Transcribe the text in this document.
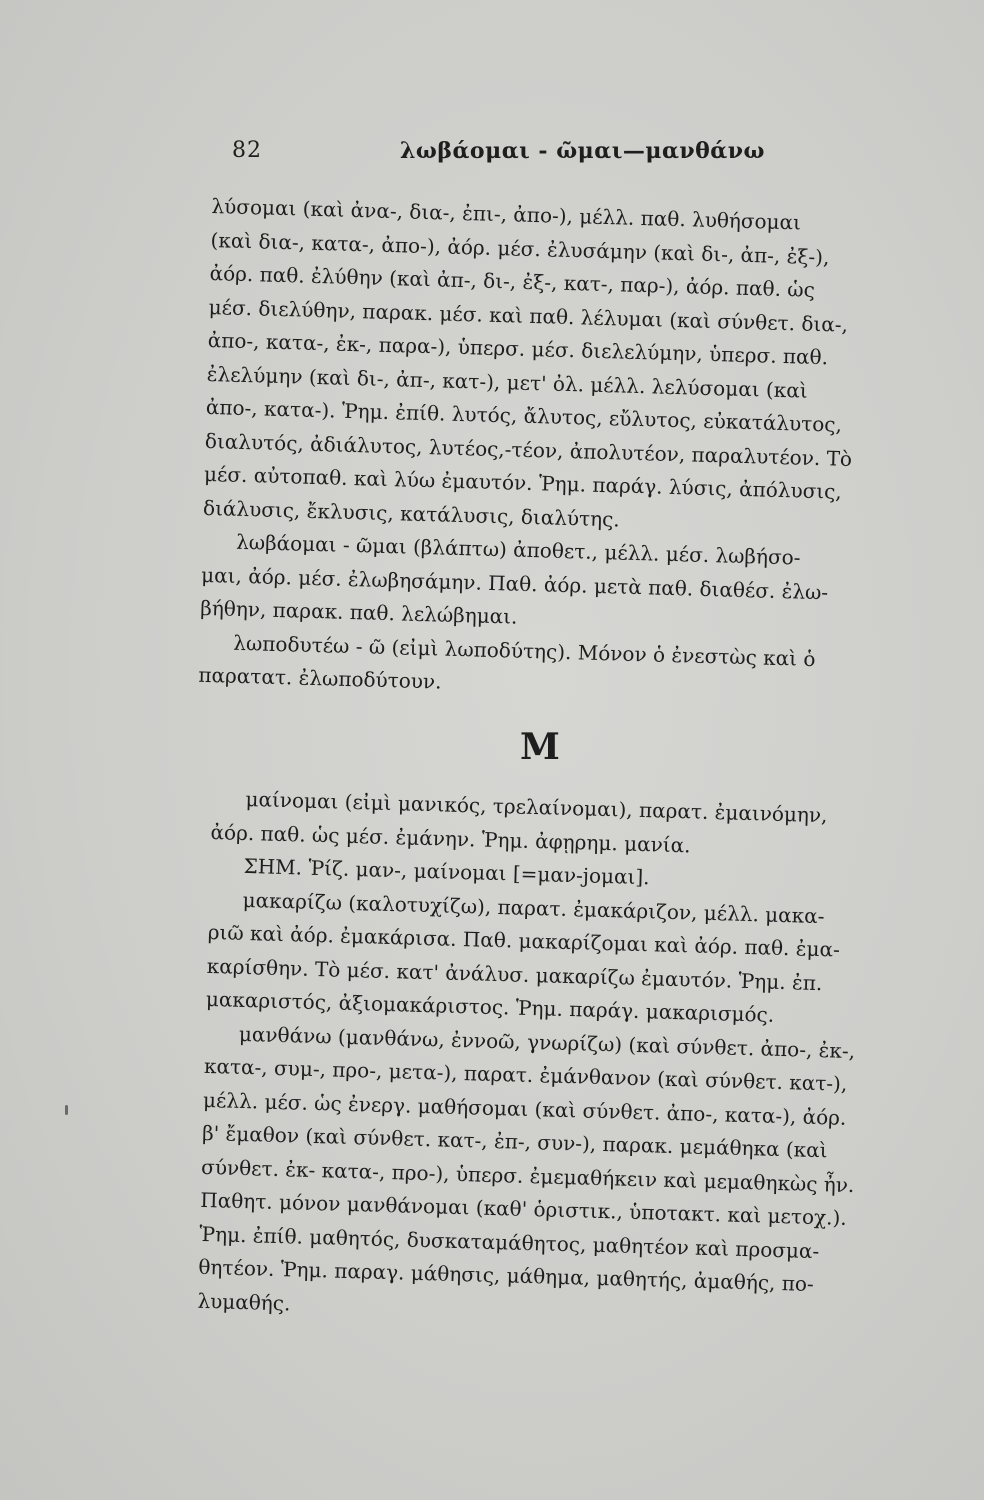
82	λωβάομαι - ῶμαι—μανθάνω
λύσομαι (καὶ ἀνα-, δια-, ἐπι-, ἀπο-), μέλλ. παθ. λυθήσομαι
(καὶ δια-, κατα-, ἀπο-), ἀόρ. μέσ. ἐλυσάμην (καὶ δι-, ἀπ-, ἐξ-),
ἀόρ. παθ. ἐλύθην (καὶ ἀπ-, δι-, ἐξ-, κατ-, παρ-), ἀόρ. παθ. ὡς
μέσ. διελύθην, παρακ. μέσ. καὶ παθ. λέλυμαι (καὶ σύνθετ. δια-,
ἀπο-, κατα-, ἐκ-, παρα-), ὑπερσ. μέσ. διελελύμην, ὑπερσ. παθ.
ἐλελύμην (καὶ δι-, ἀπ-, κατ-), μετ' ὀλ. μέλλ. λελύσομαι (καὶ
ἀπο-, κατα-). Ῥημ. ἐπίθ. λυτός, ἄλυτος, εὔλυτος, εὐκατάλυτος,
διαλυτός, ἀδιάλυτος, λυτέος,-τέον, ἀπολυτέον, παραλυτέον. Τὸ
μέσ. αὐτοπαθ. καὶ λύω ἐμαυτόν. Ῥημ. παράγ. λύσις, ἀπόλυσις,
διάλυσις, ἔκλυσις, κατάλυσις, διαλύτης.
λωβάομαι - ῶμαι (βλάπτω) ἀποθετ., μέλλ. μέσ. λωβήσο-
μαι, ἀόρ. μέσ. ἐλωβησάμην. Παθ. ἀόρ. μετὰ παθ. διαθέσ. ἐλω-
βήθην, παρακ. παθ. λελώβημαι.
λωποδυτέω - ῶ (εἰμὶ λωποδύτης). Μόνον ὁ ἐνεστὼς καὶ ὁ
παρατατ. ἐλωποδύτουν.
Μ
μαίνομαι (εἰμὶ μανικός, τρελαίνομαι), παρατ. ἐμαινόμην,
ἀόρ. παθ. ὡς μέσ. ἐμάνην. Ῥημ. ἀφῃρημ. μανία.
ΣΗΜ. Ῥίζ. μαν-, μαίνομαι [=μαν-jομαι].
μακαρίζω (καλοτυχίζω), παρατ. ἐμακάριζον, μέλλ. μακα-
ριῶ καὶ ἀόρ. ἐμακάρισα. Παθ. μακαρίζομαι καὶ ἀόρ. παθ. ἐμα-
καρίσθην. Τὸ μέσ. κατ' ἀνάλυσ. μακαρίζω ἐμαυτόν. Ῥημ. ἐπ.
μακαριστός, ἀξιομακάριστος. Ῥημ. παράγ. μακαρισμός.
μανθάνω (μανθάνω, ἐννοῶ, γνωρίζω) (καὶ σύνθετ. ἀπο-, ἐκ-,
κατα-, συμ-, προ-, μετα-), παρατ. ἐμάνθανον (καὶ σύνθετ. κατ-),
μέλλ. μέσ. ὡς ἐνεργ. μαθήσομαι (καὶ σύνθετ. ἀπο-, κατα-), ἀόρ.
β' ἔμαθον (καὶ σύνθετ. κατ-, ἐπ-, συν-), παρακ. μεμάθηκα (καὶ
σύνθετ. ἐκ- κατα-, προ-), ὑπερσ. ἐμεμαθήκειν καὶ μεμαθηκὼς ἦν.
Παθητ. μόνον μανθάνομαι (καθ' ὁριστικ., ὑποτακτ. καὶ μετοχ.).
Ῥημ. ἐπίθ. μαθητός, δυσκαταμάθητος, μαθητέον καὶ προσμα-
θητέον. Ῥημ. παραγ. μάθησις, μάθημα, μαθητής, ἀμαθής, πο-
λυμαθής.
